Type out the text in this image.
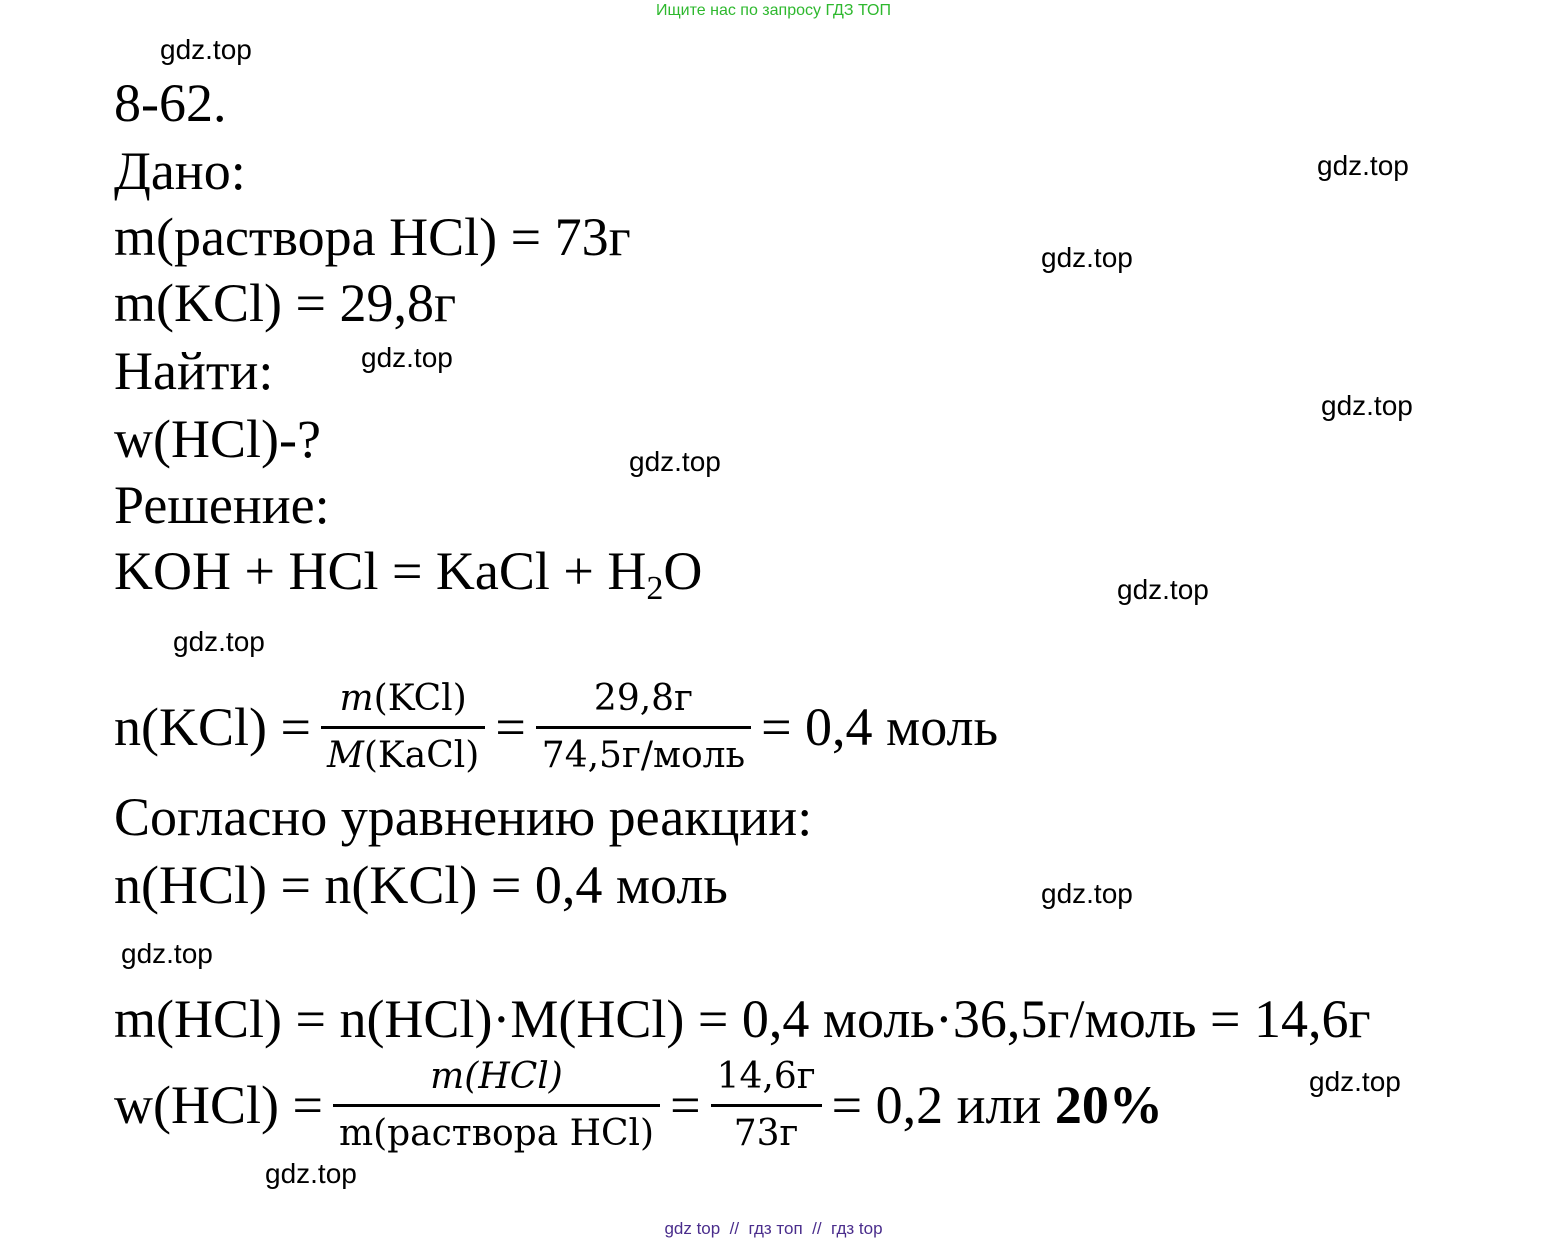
Ищите нас по запросу ГДЗ ТОП
gdz.top
gdz.top
gdz.top
gdz.top
gdz.top
gdz.top
gdz.top
gdz.top
gdz.top
gdz.top
gdz.top
gdz.top
8-62.
Дано:
m(раствора HCl) = 73г
m(KCl) = 29,8г
Найти:
w(HCl)-?
Решение:
KOH + HCl = KaCl + $H_2O$
$n(KCl) = \frac{\text{m(KCl)}}{\text{M(KaCl)}} = \frac{29,8г}{\text{74,5г/моль}} = 0,4$ моль
Согласно уравнению реакции:
n(HCl) = n(KCl) = 0,4 моль
m(HCl) = n(HCl)·M(HCl) = 0,4 моль·36,5г/моль = 14,6г
$w(HCl) = \frac{\text{m(HCl)}}{\text{m(раствора HCl)}} = \frac{14,6г}{73г} = 0,2$ или 20%
gdz top  //  гдз топ  //  гдз top
